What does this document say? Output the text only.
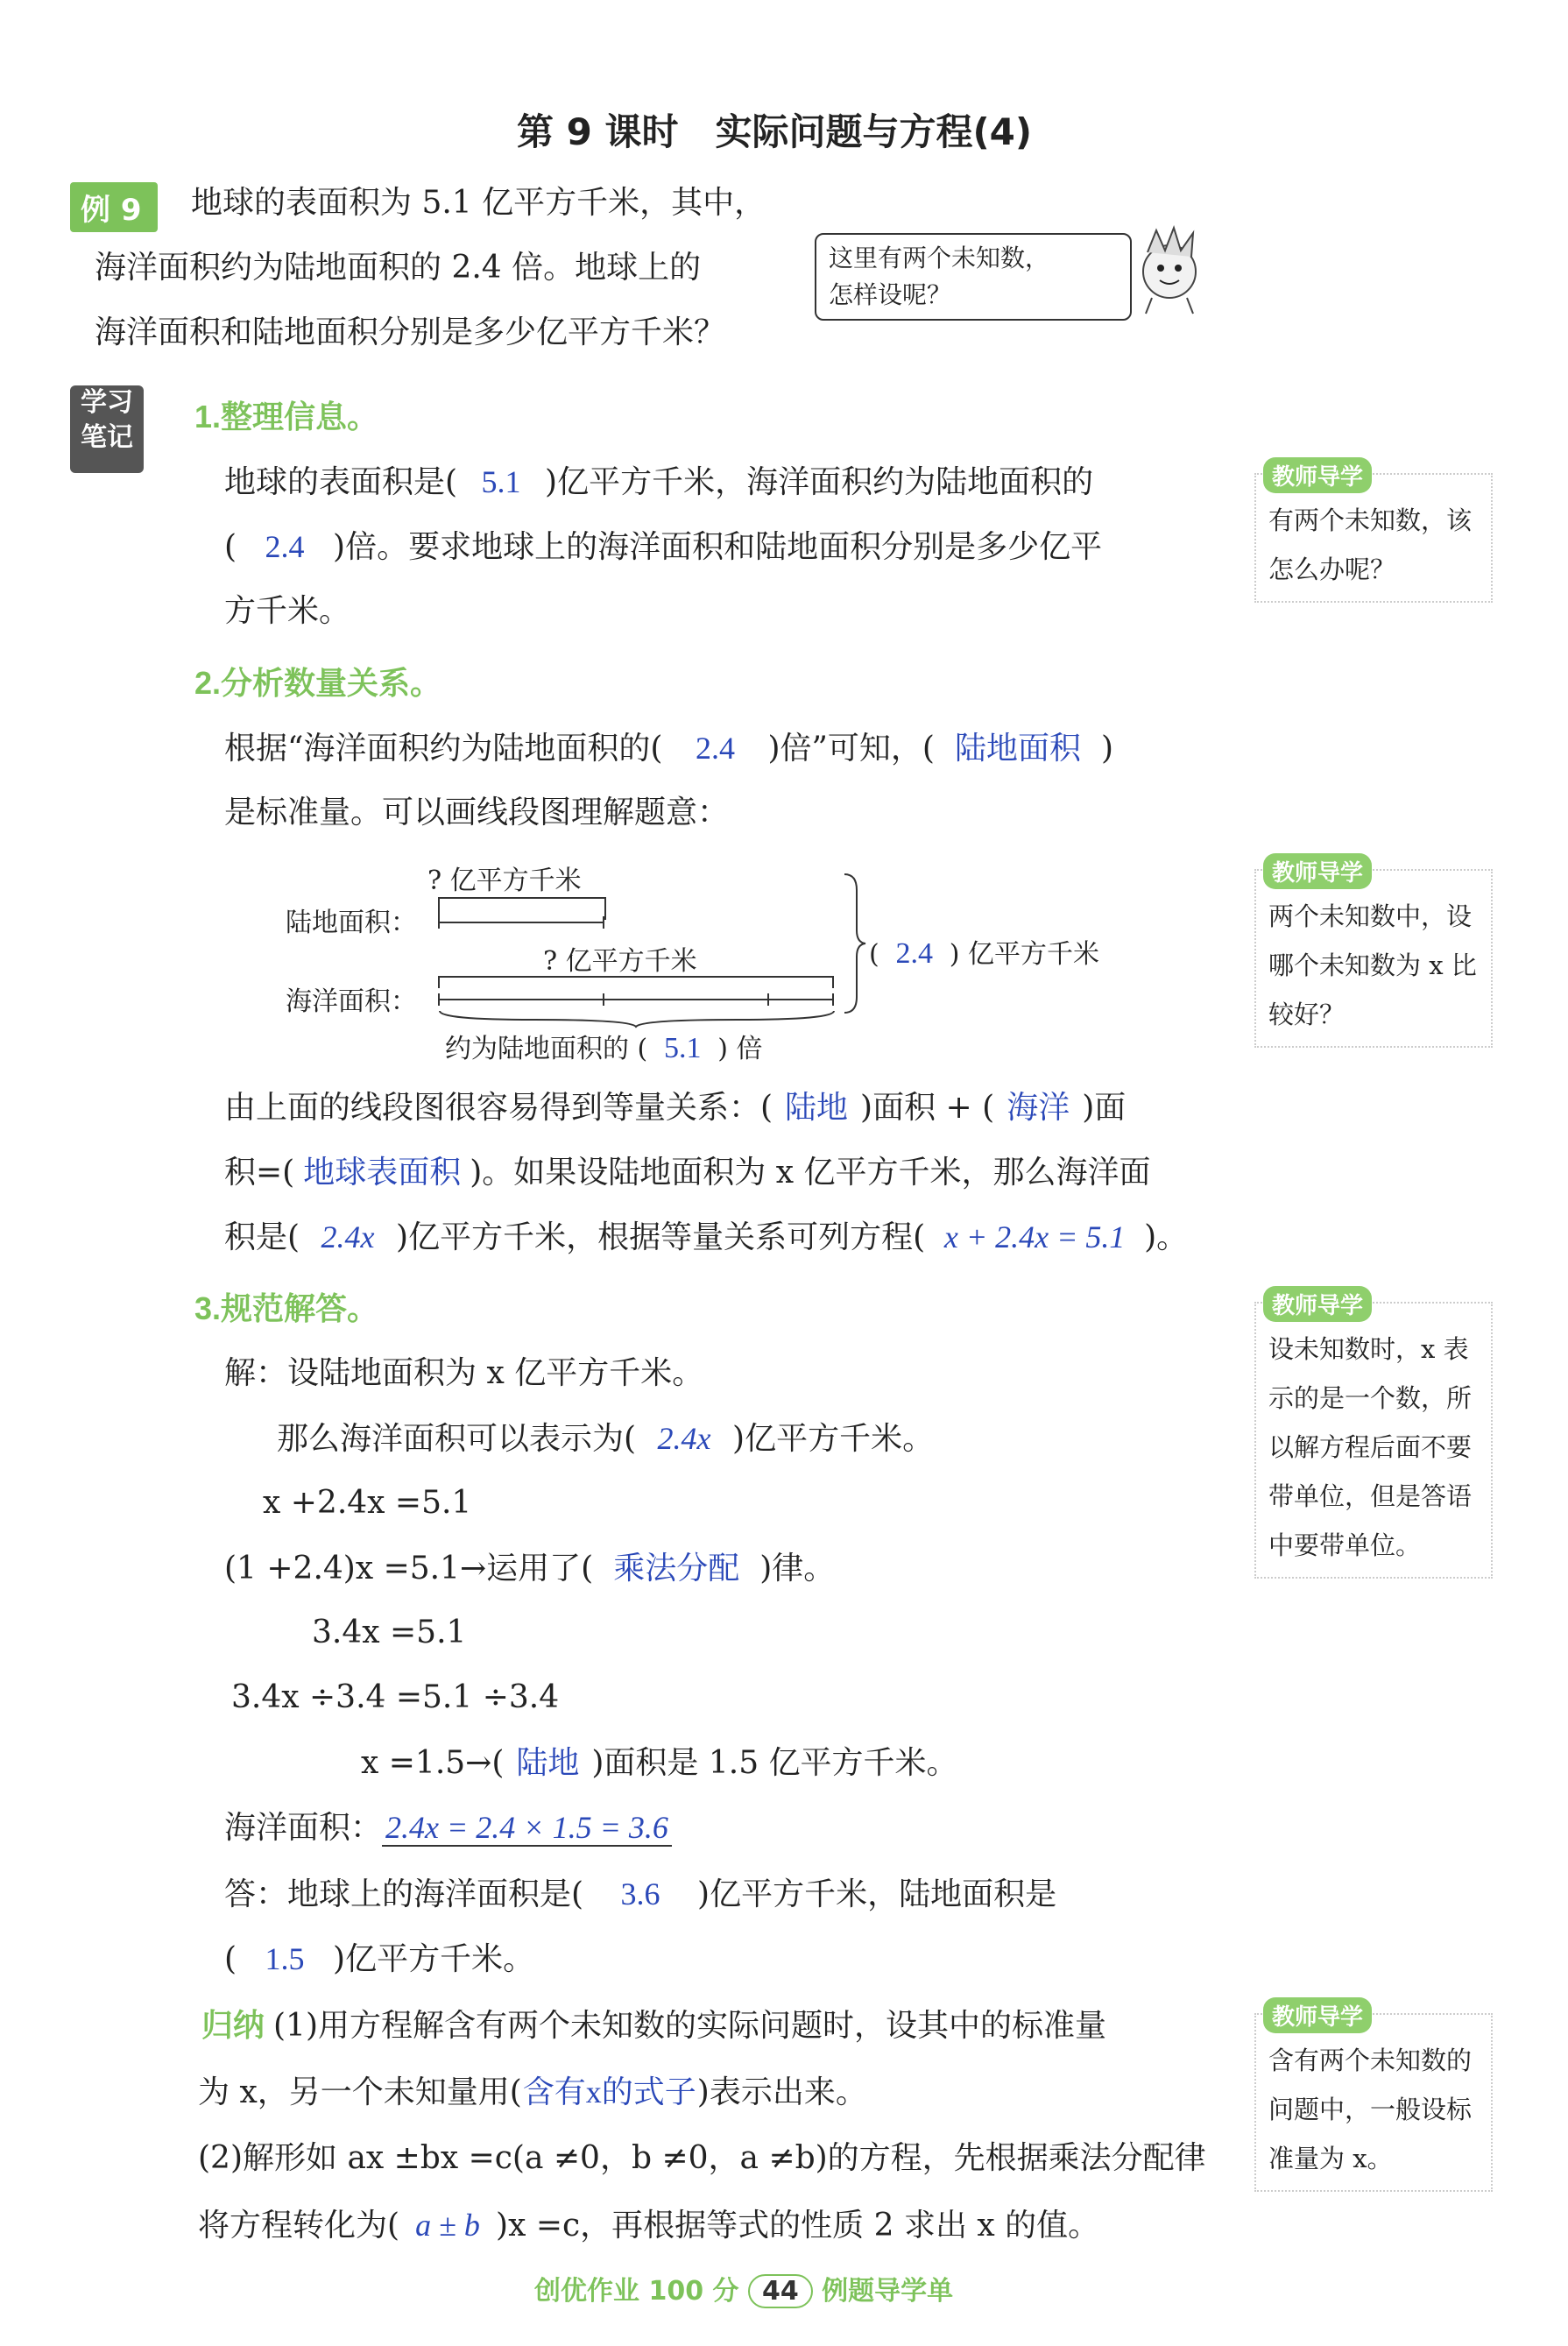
第 9 课时　实际问题与方程(4)
例 9	地球的表面积为 5.1 亿平方千米，其中，
海洋面积约为陆地面积的 2.4 倍。地球上的
海洋面积和陆地面积分别是多少亿平方千米？
这里有两个未知数，
怎样设呢？
学习
笔记
1.整理信息。
地球的表面积是( 5.1 )亿平方千米，海洋面积约为陆地面积的
( 2.4 )倍。要求地球上的海洋面积和陆地面积分别是多少亿平
方千米。
2.分析数量关系。
根据“海洋面积约为陆地面积的( 2.4 )倍”可知，( 陆地面积 )
是标准量。可以画线段图理解题意：
? 亿平方千米
陆地面积：
? 亿平方千米
海洋面积：
约为陆地面积的 ( 5.1 ) 倍
( 2.4 ) 亿平方千米
由上面的线段图很容易得到等量关系：( 陆地 )面积 + ( 海洋 )面
积=( 地球表面积 )。如果设陆地面积为 x 亿平方千米，那么海洋面
积是( 2.4x )亿平方千米，根据等量关系可列方程( x + 2.4x = 5.1 )。
3.规范解答。
解：设陆地面积为 x 亿平方千米。
那么海洋面积可以表示为( 2.4x )亿平方千米。
x +2.4x =5.1
(1 +2.4)x =5.1→运用了( 乘法分配 )律。
3.4x =5.1
3.4x ÷3.4 =5.1 ÷3.4
x =1.5→( 陆地 )面积是 1.5 亿平方千米。
海洋面积： 2.4x = 2.4 × 1.5 = 3.6
答：地球上的海洋面积是( 3.6 )亿平方千米，陆地面积是
( 1.5 )亿平方千米。
归纳 (1)用方程解含有两个未知数的实际问题时，设其中的标准量
为 x，另一个未知量用(含有x的式子)表示出来。
(2)解形如 ax ±bx =c(a ≠0，b ≠0，a ≠b)的方程，先根据乘法分配律
将方程转化为( a ± b )x =c，再根据等式的性质 2 求出 x 的值。
教师导学
有两个未知数，该怎么办呢？
教师导学
两个未知数中，设哪个未知数为 x 比较好？
教师导学
设未知数时，x 表示的是一个数，所以解方程后面不要带单位，但是答语中要带单位。
教师导学
含有两个未知数的问题中，一般设标准量为 x。
创优作业 100 分 44 例题导学单
